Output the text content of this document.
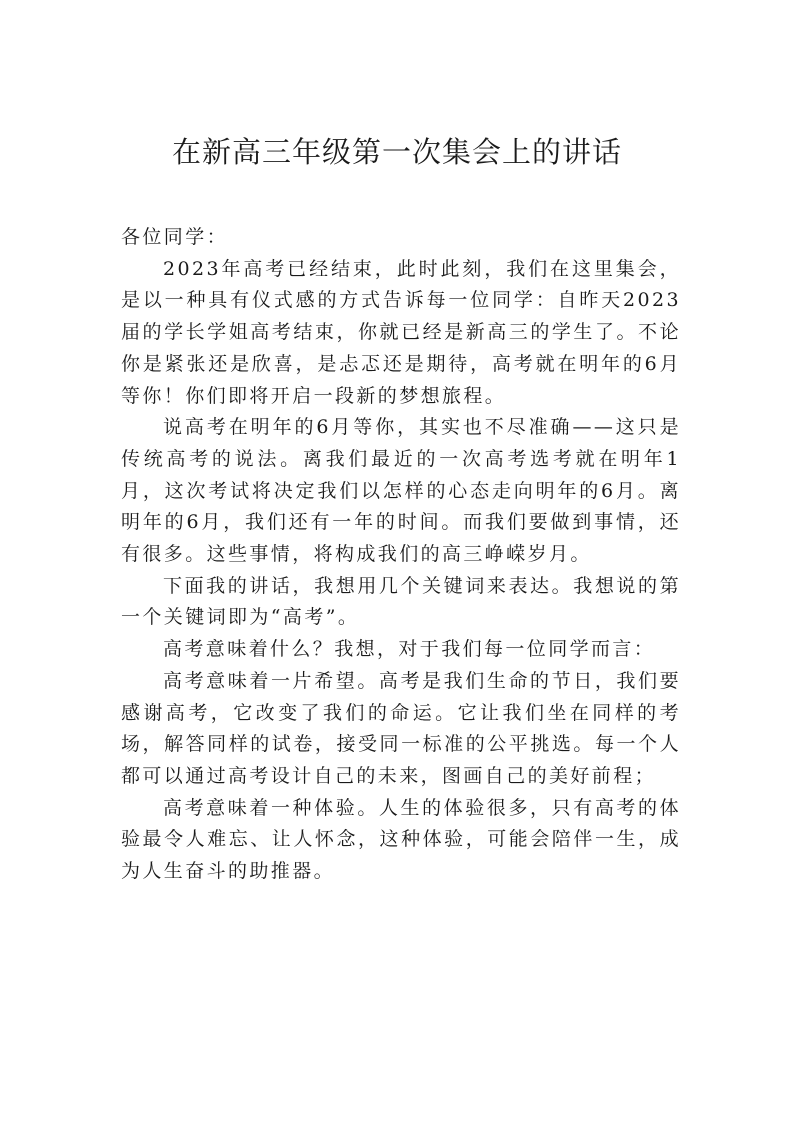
在新高三年级第一次集会上的讲话

各位同学：

2023年高考已经结束，此时此刻，我们在这里集会，是以一种具有仪式感的方式告诉每一位同学：自昨天2023届的学长学姐高考结束，你就已经是新高三的学生了。不论你是紧张还是欣喜，是忐忑还是期待，高考就在明年的6月等你！你们即将开启一段新的梦想旅程。

说高考在明年的6月等你，其实也不尽准确——这只是传统高考的说法。离我们最近的一次高考选考就在明年1月，这次考试将决定我们以怎样的心态走向明年的6月。离明年的6月，我们还有一年的时间。而我们要做到事情，还有很多。这些事情，将构成我们的高三峥嵘岁月。

下面我的讲话，我想用几个关键词来表达。我想说的第一个关键词即为“高考”。

高考意味着什么？我想，对于我们每一位同学而言：

高考意味着一片希望。高考是我们生命的节日，我们要感谢高考，它改变了我们的命运。它让我们坐在同样的考场，解答同样的试卷，接受同一标准的公平挑选。每一个人都可以通过高考设计自己的未来，图画自己的美好前程；

高考意味着一种体验。人生的体验很多，只有高考的体验最令人难忘、让人怀念，这种体验，可能会陪伴一生，成为人生奋斗的助推器。
